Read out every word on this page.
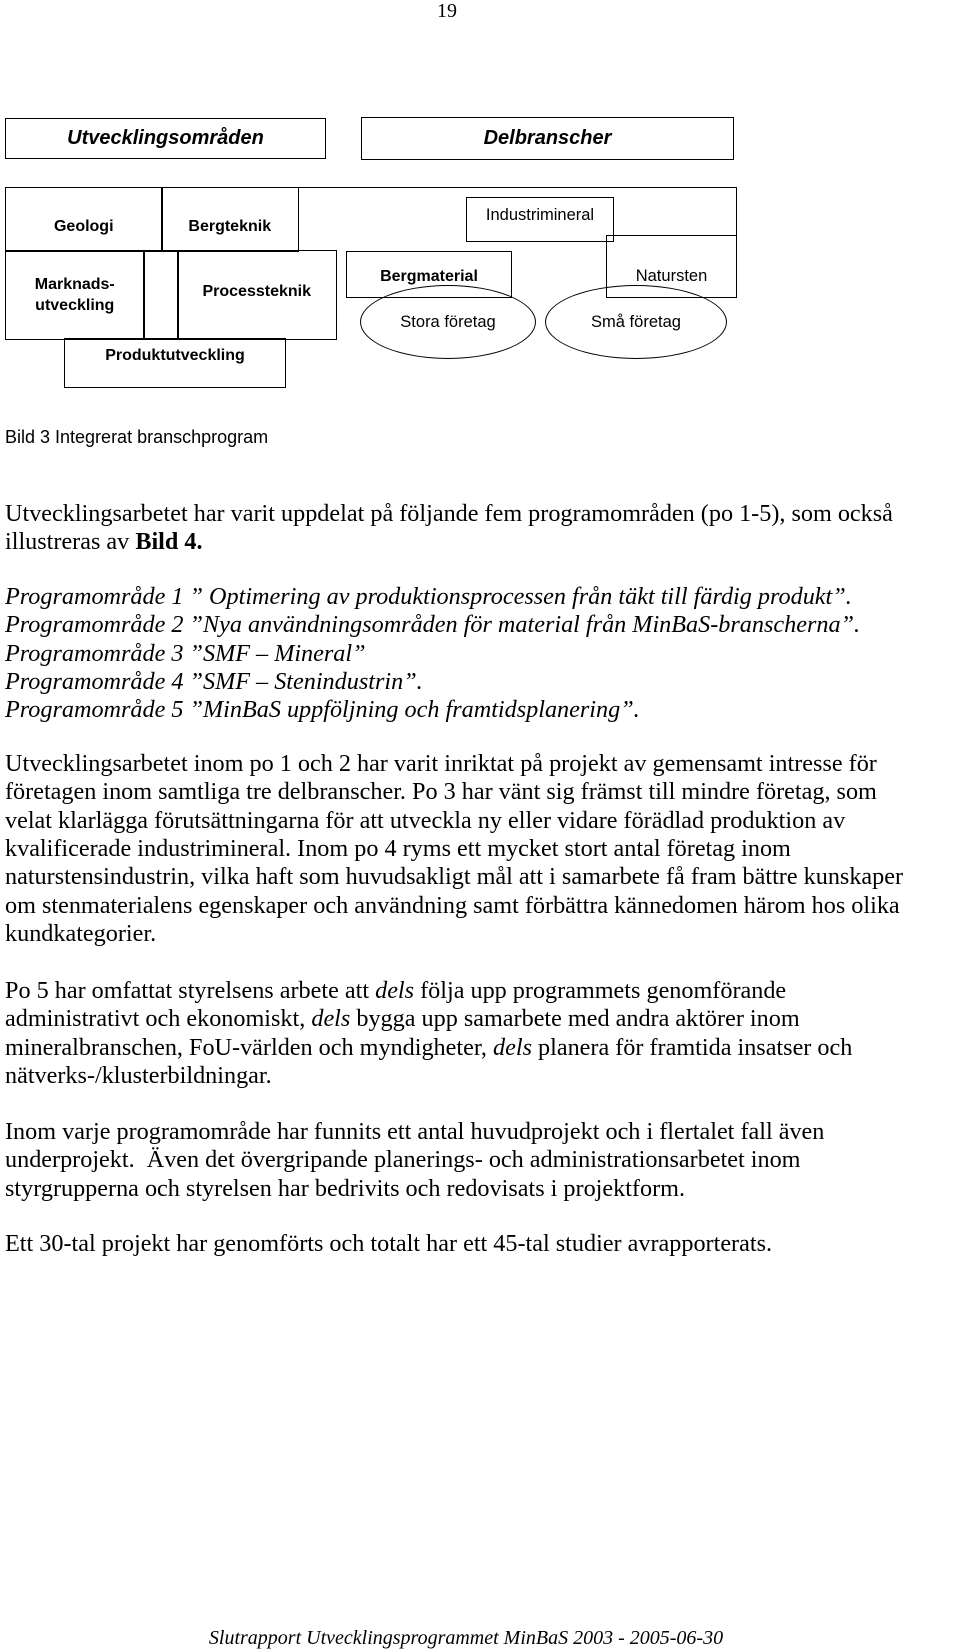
19
Utvecklingsområden	Delbranscher
Geologi	Bergteknik
Marknads-
utveckling
Processteknik
Produktutveckling
Industrimineral
Bergmaterial	Natursten
Stora företag	Små företag
Bild 3 Integrerat branschprogram
Utvecklingsarbetet har varit uppdelat på följande fem programområden (po 1-5), som också
illustreras av Bild 4.
Programområde 1 ” Optimering av produktionsprocessen från täkt till färdig produkt”.
Programområde 2 ”Nya användningsområden för material från MinBaS-branscherna”.
Programområde 3 ”SMF – Mineral”
Programområde 4 ”SMF – Stenindustrin”.
Programområde 5 ”MinBaS uppföljning och framtidsplanering”.
Utvecklingsarbetet inom po 1 och 2 har varit inriktat på projekt av gemensamt intresse för
företagen inom samtliga tre delbranscher. Po 3 har vänt sig främst till mindre företag, som
velat klarlägga förutsättningarna för att utveckla ny eller vidare förädlad produktion av
kvalificerade industrimineral. Inom po 4 ryms ett mycket stort antal företag inom
naturstensindustrin, vilka haft som huvudsakligt mål att i samarbete få fram bättre kunskaper
om stenmaterialens egenskaper och användning samt förbättra kännedomen härom hos olika
kundkategorier.
Po 5 har omfattat styrelsens arbete att dels följa upp programmets genomförande
administrativt och ekonomiskt, dels bygga upp samarbete med andra aktörer inom
mineralbranschen, FoU-världen och myndigheter, dels planera för framtida insatser och
nätverks-/klusterbildningar.
Inom varje programområde har funnits ett antal huvudprojekt och i flertalet fall även
underprojekt.  Även det övergripande planerings- och administrationsarbetet inom
styrgrupperna och styrelsen har bedrivits och redovisats i projektform.
Ett 30-tal projekt har genomförts och totalt har ett 45-tal studier avrapporterats.
Slutrapport Utvecklingsprogrammet MinBaS 2003 - 2005-06-30
